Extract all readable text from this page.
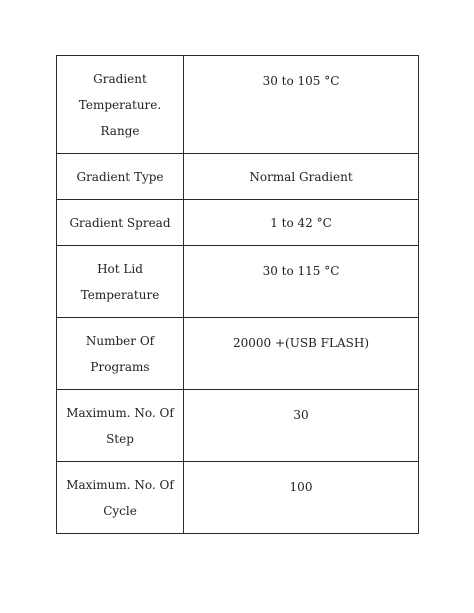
Gradient Temperature. Range	30 to 105 °C
Gradient Type	Normal Gradient
Gradient Spread	1 to 42 °C
Hot Lid Temperature	30 to 115 °C
Number Of Programs	20000 +(USB FLASH)
Maximum. No. Of Step	30
Maximum. No. Of Cycle	100
